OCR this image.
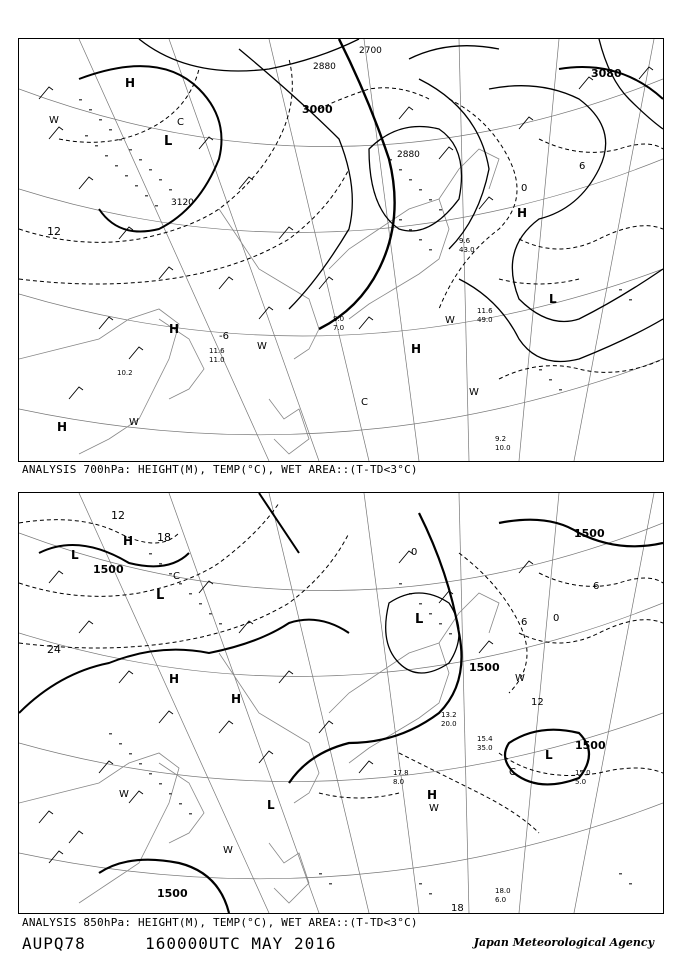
2700
2880
3000
3120
3080
2880
H
L
C
H
L
H
H
C
H
12
6
0
-6
W
W
W
W
W
11.6
49.0
9.2
10.0
8.0
7.0
9.6
43.0
11.6
11.0
10.2
ANALYSIS 700hPa: HEIGHT(M), TEMP(°C), WET AREA::(T-TD<3°C)
1500
1500
1500
1500
1500
L
H
L
C
L
H
H
L
L
H
C
12
18
24
12
6	0
0
6
18
W
W
W
W
17.8
8.0
15.4
35.0
15.0
5.0
18.0
6.0
13.2
20.0
ANALYSIS 850hPa: HEIGHT(M), TEMP(°C), WET AREA::(T-TD<3°C)
AUPQ78	160000UTC MAY 2016	Japan Meteorological Agency
